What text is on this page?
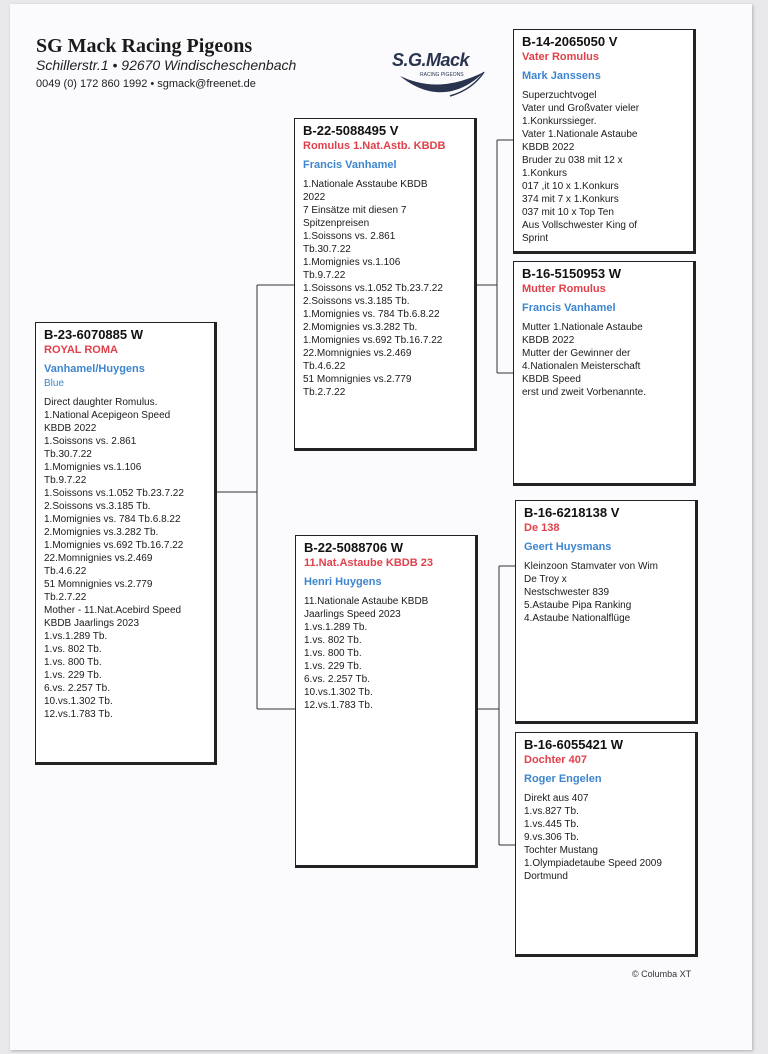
SG Mack Racing Pigeons
Schillerstr.1 • 92670 Windischeschenbach
0049 (0) 172 860 1992 • sgmack@freenet.de
S.G.Mack
RACING PIGEONS
B-23-6070885 W
ROYAL ROMA
Vanhamel/Huygens
Blue
Direct daughter Romulus.
1.National Acepigeon Speed
KBDB 2022
1.Soissons vs. 2.861
Tb.30.7.22
1.Momignies vs.1.106
Tb.9.7.22
1.Soissons vs.1.052 Tb.23.7.22
2.Soissons vs.3.185 Tb.
1.Momignies vs. 784 Tb.6.8.22
2.Momignies vs.3.282 Tb.
1.Momignies vs.692 Tb.16.7.22
22.Momnignies vs.2.469
Tb.4.6.22
51 Momnignies vs.2.779
Tb.2.7.22
Mother - 11.Nat.Acebird Speed
KBDB Jaarlings 2023
1.vs.1.289 Tb.
1.vs. 802 Tb.
1.vs. 800 Tb.
1.vs. 229 Tb.
6.vs. 2.257 Tb.
10.vs.1.302 Tb.
12.vs.1.783 Tb.
B-22-5088495 V
Romulus 1.Nat.Astb. KBDB
Francis Vanhamel
1.Nationale Asstaube KBDB
2022
7 Einsätze mit diesen 7
Spitzenpreisen
1.Soissons vs. 2.861
Tb.30.7.22
1.Momignies vs.1.106
Tb.9.7.22
1.Soissons vs.1.052 Tb.23.7.22
2.Soissons vs.3.185 Tb.
1.Momignies vs. 784 Tb.6.8.22
2.Momignies vs.3.282 Tb.
1.Momignies vs.692 Tb.16.7.22
22.Momnignies vs.2.469
Tb.4.6.22
51 Momnignies vs.2.779
Tb.2.7.22
B-22-5088706 W
11.Nat.Astaube KBDB 23
Henri Huygens
11.Nationale Astaube KBDB
Jaarlings Speed 2023
1.vs.1.289 Tb.
1.vs. 802 Tb.
1.vs. 800 Tb.
1.vs. 229 Tb.
6.vs. 2.257 Tb.
10.vs.1.302 Tb.
12.vs.1.783 Tb.
B-14-2065050 V
Vater Romulus
Mark Janssens
Superzuchtvogel
Vater und Großvater vieler
1.Konkurssieger.
Vater 1.Nationale Astaube
KBDB 2022
Bruder zu 038 mit 12 x
1.Konkurs
017 ,it 10 x 1.Konkurs
374 mit 7 x 1.Konkurs
037 mit 10 x Top Ten
Aus Vollschwester King of
Sprint
B-16-5150953 W
Mutter Romulus
Francis Vanhamel
Mutter 1.Nationale Astaube
KBDB 2022
Mutter der Gewinner der
4.Nationalen Meisterschaft
KBDB Speed
erst und zweit Vorbenannte.
B-16-6218138 V
De 138
Geert Huysmans
Kleinzoon Stamvater von Wim
De Troy x
Nestschwester 839
5.Astaube Pipa Ranking
4.Astaube Nationalflüge
B-16-6055421 W
Dochter 407
Roger Engelen
Direkt aus 407
1.vs.827 Tb.
1.vs.445 Tb.
9.vs.306 Tb.
Tochter Mustang
1.Olympiadetaube Speed 2009
Dortmund
© Columba XT
